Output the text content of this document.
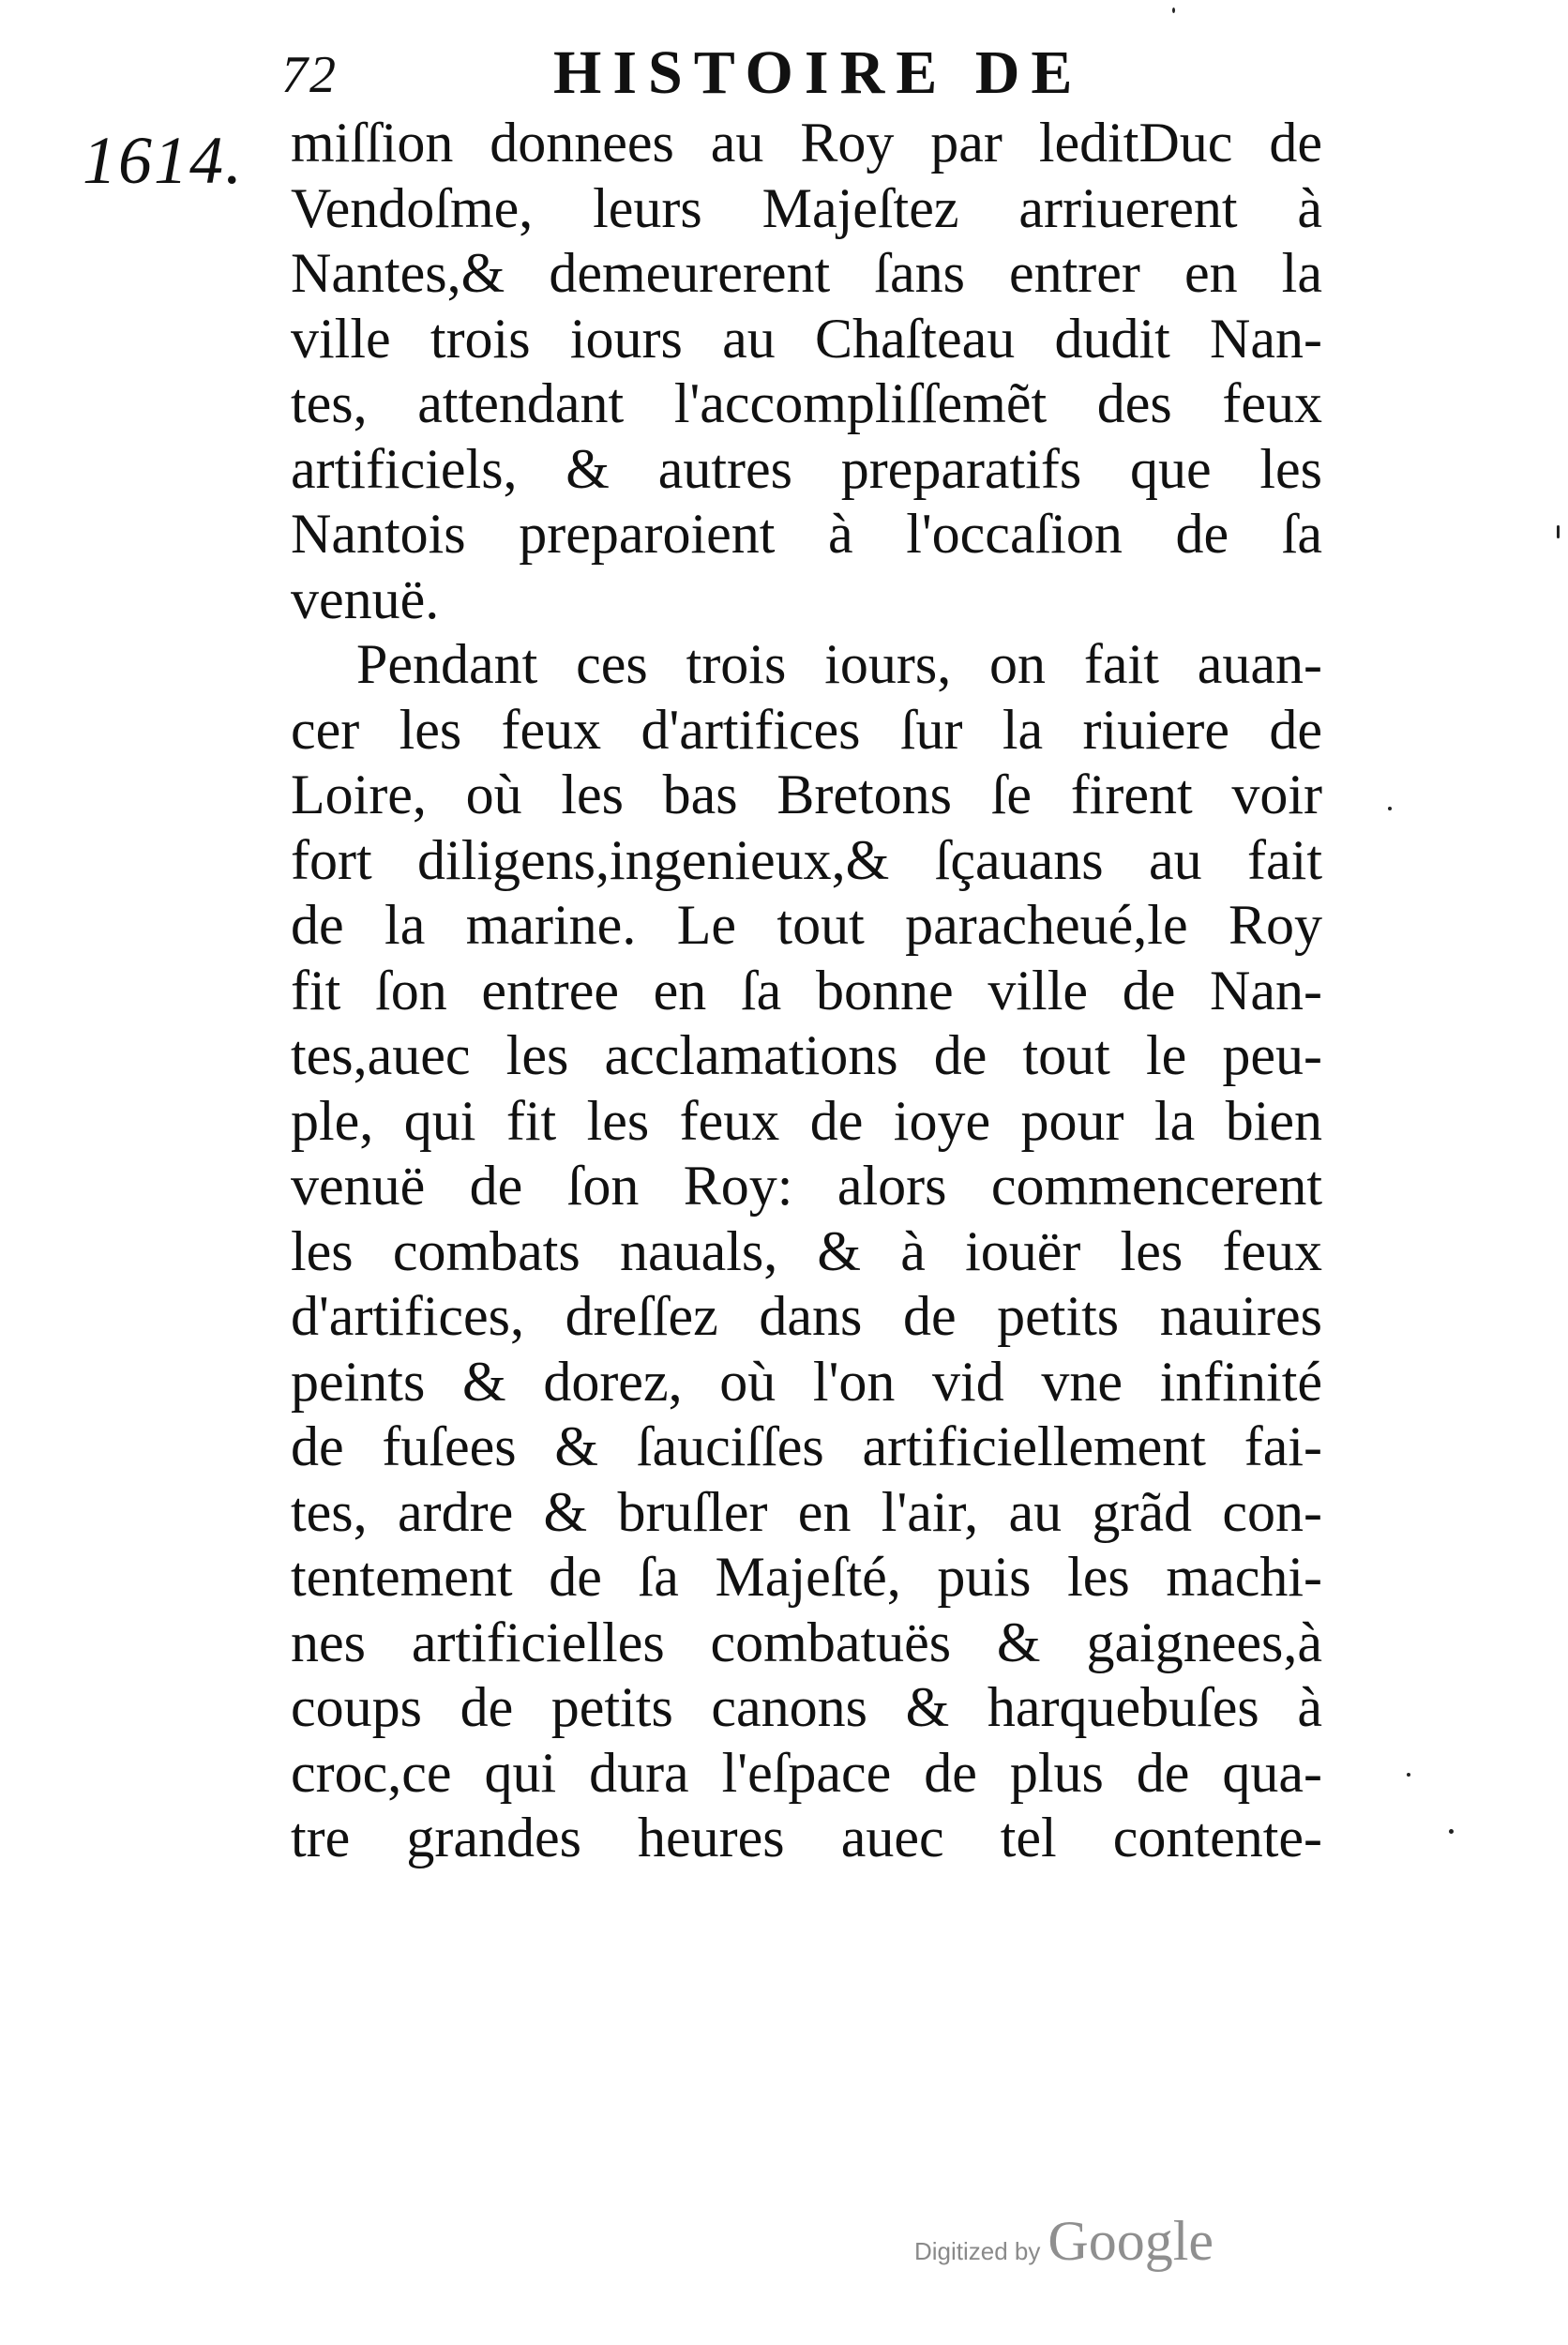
72	HISTOIRE DE
1614. miſſion donnees au Roy par leditDuc de
Vendoſme, leurs Majeſtez arriuerent à
Nantes,& demeurerent ſans entrer en la
ville trois iours au Chaſteau dudit Nan-
tes, attendant l'accompliſſemẽt des feux
artificiels, & autres preparatifs que les
Nantois preparoient à l'occaſion de ſa
venuë.
Pendant ces trois iours, on fait auan-
cer les feux d'artifices ſur la riuiere de
Loire, où les bas Bretons ſe firent voir
fort diligens,ingenieux,& ſçauans au fait
de la marine. Le tout paracheué,le Roy
fit ſon entree en ſa bonne ville de Nan-
tes,auec les acclamations de tout le peu-
ple, qui fit les feux de ioye pour la bien
venuë de ſon Roy: alors commencerent
les combats nauals, & à iouër les feux
d'artifices, dreſſez dans de petits nauires
peints & dorez, où l'on vid vne infinité
de fuſees & ſauciſſes artificiellement fai-
tes, ardre & bruſler en l'air, au grãd con-
tentement de ſa Majeſté, puis les machi-
nes artificielles combatuës & gaignees,à
coups de petits canons & harquebuſes à
croc,ce qui dura l'eſpace de plus de qua-
tre grandes heures auec tel contente-
Digitized by Google
